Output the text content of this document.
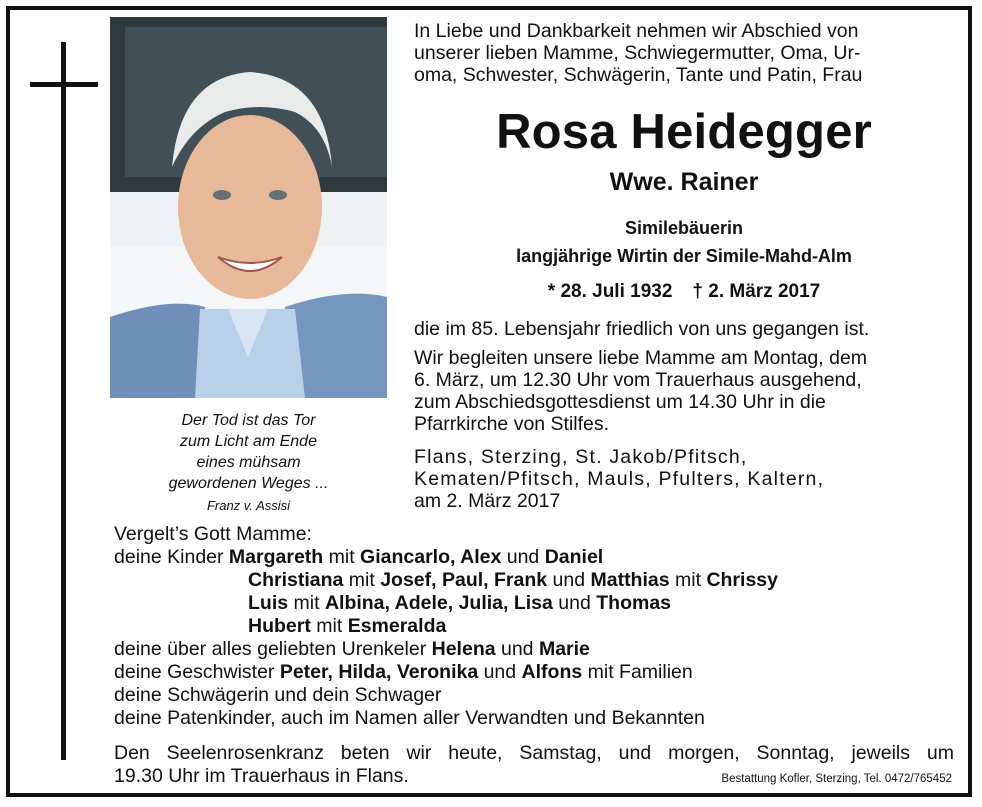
Der Tod ist das Tor
zum Licht am Ende
eines mühsam
gewordenen Weges ...
Franz v. Assisi
In Liebe und Dankbarkeit nehmen wir Abschied von
unserer lieben Mamme, Schwiegermutter, Oma, Ur-
oma, Schwester, Schwägerin, Tante und Patin, Frau
Rosa Heidegger
Wwe. Rainer
Similebäuerin
langjährige Wirtin der Simile-Mahd-Alm
* 28. Juli 1932 † 2. März 2017
die im 85. Lebensjahr friedlich von uns gegangen ist.
Wir begleiten unsere liebe Mamme am Montag, dem
6. März, um 12.30 Uhr vom Trauerhaus ausgehend,
zum Abschiedsgottesdienst um 14.30 Uhr in die
Pfarrkirche von Stilfes.
Flans, Sterzing, St. Jakob/Pfitsch,
Kematen/Pfitsch, Mauls, Pfulters, Kaltern,
am 2. März 2017
Vergelt’s Gott Mamme:
deine Kinder Margareth mit Giancarlo, Alex und Daniel
Christiana mit Josef, Paul, Frank und Matthias mit Chrissy
Luis mit Albina, Adele, Julia, Lisa und Thomas
Hubert mit Esmeralda
deine über alles geliebten Urenkeler Helena und Marie
deine Geschwister Peter, Hilda, Veronika und Alfons mit Familien
deine Schwägerin und dein Schwager
deine Patenkinder, auch im Namen aller Verwandten und Bekannten
Den Seelenrosenkranz beten wir heute, Samstag, und morgen, Sonntag, jeweils um
19.30 Uhr im Trauerhaus in Flans.	Bestattung Kofler, Sterzing, Tel. 0472/765452
